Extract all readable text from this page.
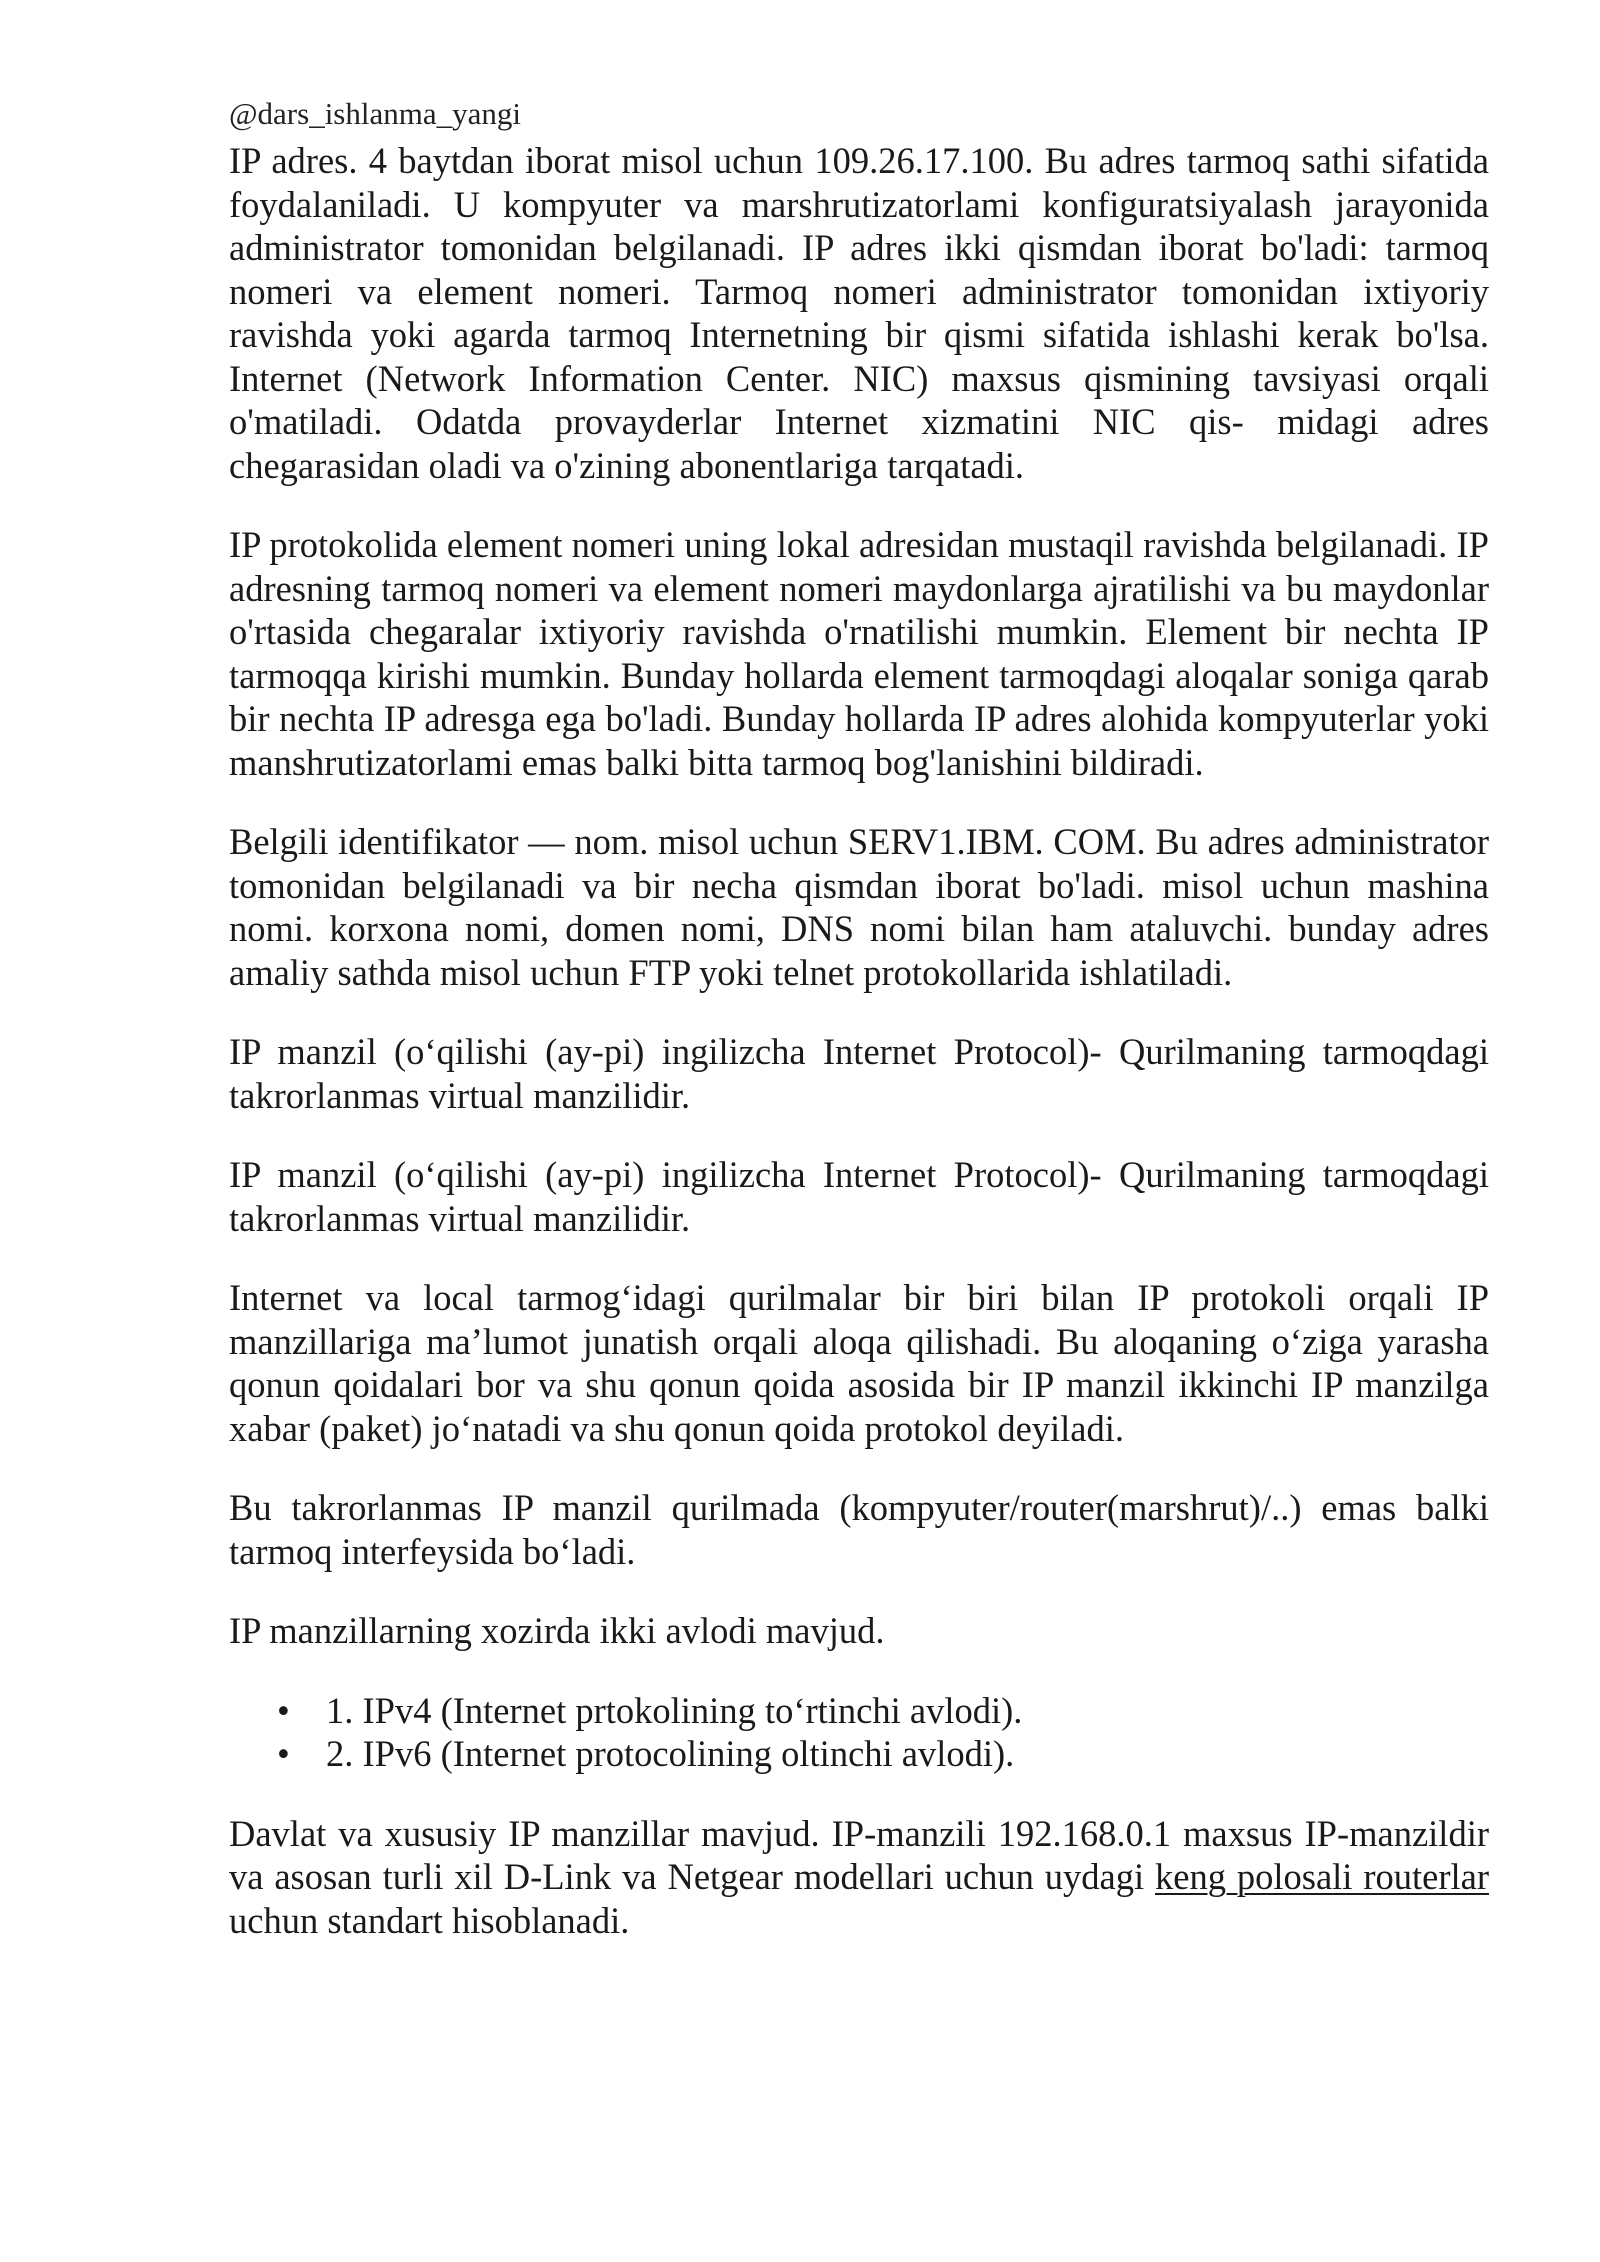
@dars_ishlanma_yangi

IP adres. 4 baytdan iborat misol uchun 109.26.17.100. Bu adres tarmoq sathi sifatida foydalaniladi. U kompyuter va marshrutizatorlami konfiguratsiyalash jarayonida administrator tomonidan belgilanadi. IP adres ikki qismdan iborat bo'ladi: tarmoq nomeri va element nomeri. Tarmoq nomeri administrator tomonidan ixtiyoriy ravishda yoki agarda tarmoq Internetning bir qismi sifatida ishlashi kerak bo'lsa. Internet (Network Information Center. NIC) maxsus qismining tavsiyasi orqali o'matiladi. Odatda provayderlar Internet xizmatini NIC qis- midagi adres chegarasidan oladi va o'zining abonentlariga tarqatadi.

IP protokolida element nomeri uning lokal adresidan mustaqil ravishda belgilanadi. IP adresning tarmoq nomeri va element nomeri maydonlarga ajratilishi va bu maydonlar o'rtasida chegaralar ixtiyoriy ravishda o'rnatilishi mumkin. Element bir nechta IP tarmoqqa kirishi mumkin. Bunday hollarda element tarmoqdagi aloqalar soniga qarab bir nechta IP adresga ega bo'ladi. Bunday hollarda IP adres alohida kompyuterlar yoki manshrutizatorlami emas balki bitta tarmoq bog'lanishini bildiradi.

Belgili identifikator — nom. misol uchun SERV1.IBM. COM. Bu adres administrator tomonidan belgilanadi va bir necha qismdan iborat bo'ladi. misol uchun mashina nomi. korxona nomi, domen nomi, DNS nomi bilan ham ataluvchi. bunday adres amaliy sathda misol uchun FTP yoki telnet protokollarida ishlatiladi.

IP manzil (o‘qilishi (ay-pi) ingilizcha Internet Protocol)- Qurilmaning tarmoqdagi takrorlanmas virtual manzilidir.

IP manzil (o‘qilishi (ay-pi) ingilizcha Internet Protocol)- Qurilmaning tarmoqdagi takrorlanmas virtual manzilidir.

Internet va local tarmog‘idagi qurilmalar bir biri bilan IP protokoli orqali IP manzillariga ma’lumot junatish orqali aloqa qilishadi. Bu aloqaning o‘ziga yarasha qonun qoidalari bor va shu qonun qoida asosida bir IP manzil ikkinchi IP manzilga xabar (paket) jo‘natadi va shu qonun qoida protokol deyiladi.

Bu takrorlanmas IP manzil qurilmada (kompyuter/router(marshrut)/..) emas balki tarmoq interfeysida bo‘ladi.

IP manzillarning xozirda ikki avlodi mavjud.

• 1. IPv4 (Internet prtokolining to‘rtinchi avlodi).
• 2. IPv6 (Internet protocolining oltinchi avlodi).

Davlat va xususiy IP manzillar mavjud. IP-manzili 192.168.0.1 maxsus IP-manzildir va asosan turli xil D-Link va Netgear modellari uchun uydagi keng polosali routerlar uchun standart hisoblanadi.
